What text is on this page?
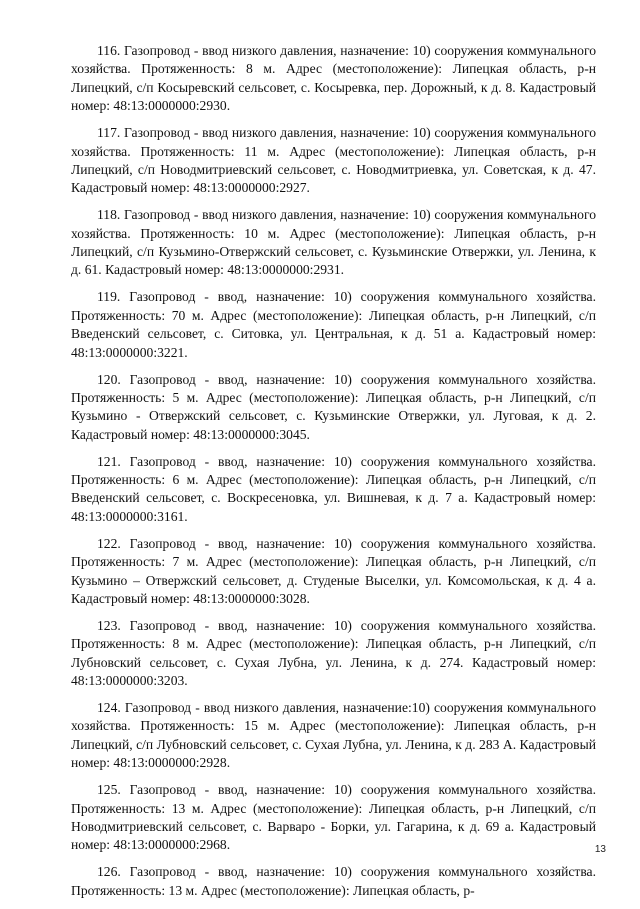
116. Газопровод - ввод низкого давления, назначение: 10) сооружения коммунального хозяйства. Протяженность: 8 м. Адрес (местоположение): Липецкая область, р-н Липецкий, с/п Косыревский сельсовет, с. Косыревка, пер. Дорожный, к д. 8. Кадастровый номер: 48:13:0000000:2930.

117. Газопровод - ввод низкого давления, назначение: 10) сооружения коммунального хозяйства. Протяженность: 11 м. Адрес (местоположение): Липецкая область, р-н Липецкий, с/п Новодмитриевский сельсовет, с. Новодмитриевка, ул. Советская, к д. 47. Кадастровый номер: 48:13:0000000:2927.

118. Газопровод - ввод низкого давления, назначение: 10) сооружения коммунального хозяйства. Протяженность: 10 м. Адрес (местоположение): Липецкая область, р-н Липецкий, с/п Кузьмино-Отвержский сельсовет, с. Кузьминские Отвержки, ул. Ленина, к д. 61. Кадастровый номер: 48:13:0000000:2931.

119. Газопровод - ввод, назначение: 10) сооружения коммунального хозяйства. Протяженность: 70 м. Адрес (местоположение): Липецкая область, р-н Липецкий, с/п Введенский сельсовет, с. Ситовка, ул. Центральная, к д. 51 а. Кадастровый номер: 48:13:0000000:3221.

120. Газопровод - ввод, назначение: 10) сооружения коммунального хозяйства. Протяженность: 5 м. Адрес (местоположение): Липецкая область, р-н Липецкий, с/п Кузьмино - Отвержский сельсовет, с. Кузьминские Отвержки, ул. Луговая, к д. 2. Кадастровый номер: 48:13:0000000:3045.

121. Газопровод - ввод, назначение: 10) сооружения коммунального хозяйства. Протяженность: 6 м. Адрес (местоположение): Липецкая область, р-н Липецкий, с/п Введенский сельсовет, с. Воскресеновка, ул. Вишневая, к д. 7 а. Кадастровый номер: 48:13:0000000:3161.

122. Газопровод - ввод, назначение: 10) сооружения коммунального хозяйства. Протяженность: 7 м. Адрес (местоположение): Липецкая область, р-н Липецкий, с/п Кузьмино – Отвержский сельсовет, д. Студеные Выселки, ул. Комсомольская, к д. 4 а. Кадастровый номер: 48:13:0000000:3028.

123. Газопровод - ввод, назначение: 10) сооружения коммунального хозяйства. Протяженность: 8 м. Адрес (местоположение): Липецкая область, р-н Липецкий, с/п Лубновский сельсовет, с. Сухая Лубна, ул. Ленина, к д. 274. Кадастровый номер: 48:13:0000000:3203.

124. Газопровод - ввод низкого давления, назначение:10) сооружения коммунального хозяйства. Протяженность: 15 м. Адрес (местоположение): Липецкая область, р-н Липецкий, с/п Лубновский сельсовет, с. Сухая Лубна, ул. Ленина, к д. 283 А. Кадастровый номер: 48:13:0000000:2928.

125. Газопровод - ввод, назначение: 10) сооружения коммунального хозяйства. Протяженность: 13 м. Адрес (местоположение): Липецкая область, р-н Липецкий, с/п Новодмитриевский сельсовет, с. Варваро - Борки, ул. Гагарина, к д. 69 а. Кадастровый номер: 48:13:0000000:2968.

126. Газопровод - ввод, назначение: 10) сооружения коммунального хозяйства. Протяженность: 13 м. Адрес (местоположение): Липецкая область, р-

13
